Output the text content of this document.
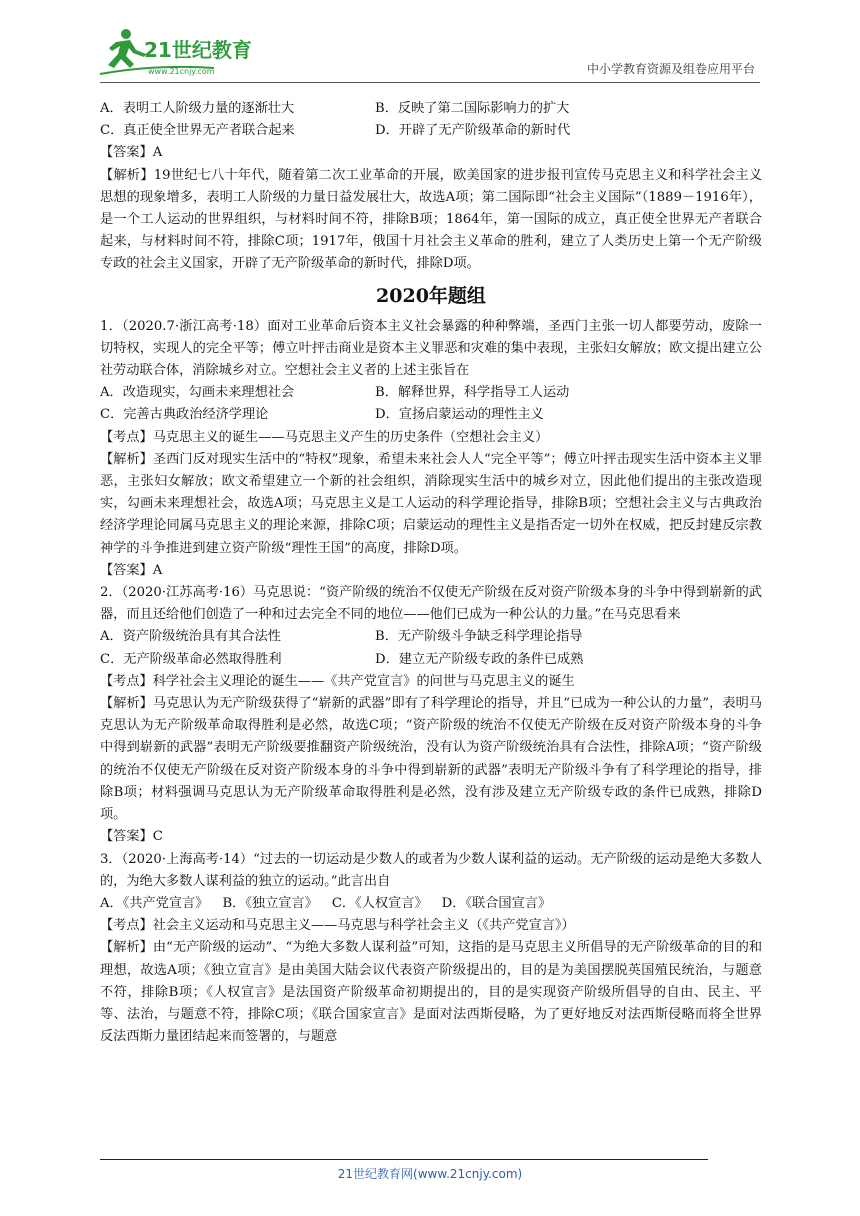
21世纪教育
www.21cnjy.com	中小学教育资源及组卷应用平台
A．表明工人阶级力量的逐渐壮大	B．反映了第二国际影响力的扩大
C．真正使全世界无产者联合起来	D．开辟了无产阶级革命的新时代

【答案】A

【解析】19世纪七八十年代，随着第二次工业革命的开展，欧美国家的进步报刊宣传马克思主义和科学社会主义思想的现象增多，表明工人阶级的力量日益发展壮大，故选A项；第二国际即“社会主义国际”（1889－1916年），是一个工人运动的世界组织，与材料时间不符，排除B项；1864年，第一国际的成立，真正使全世界无产者联合起来，与材料时间不符，排除C项；1917年，俄国十月社会主义革命的胜利，建立了人类历史上第一个无产阶级专政的社会主义国家，开辟了无产阶级革命的新时代，排除D项。

2020年题组

1．（2020.7·浙江高考·18）面对工业革命后资本主义社会暴露的种种弊端，圣西门主张一切人都要劳动，废除一切特权，实现人的完全平等；傅立叶抨击商业是资本主义罪恶和灾难的集中表现，主张妇女解放；欧文提出建立公社劳动联合体，消除城乡对立。空想社会主义者的上述主张旨在

A．改造现实，勾画未来理想社会	B．解释世界，科学指导工人运动
C．完善古典政治经济学理论	D．宣扬启蒙运动的理性主义

【考点】马克思主义的诞生——马克思主义产生的历史条件（空想社会主义）

【解析】圣西门反对现实生活中的“特权”现象，希望未来社会人人“完全平等”；傅立叶抨击现实生活中资本主义罪恶，主张妇女解放；欧文希望建立一个新的社会组织，消除现实生活中的城乡对立，因此他们提出的主张改造现实，勾画未来理想社会，故选A项；马克思主义是工人运动的科学理论指导，排除B项；空想社会主义与古典政治经济学理论同属马克思主义的理论来源，排除C项；启蒙运动的理性主义是指否定一切外在权威，把反封建反宗教神学的斗争推进到建立资产阶级“理性王国”的高度，排除D项。

【答案】A

2．（2020·江苏高考·16）马克思说：“资产阶级的统治不仅使无产阶级在反对资产阶级本身的斗争中得到崭新的武器，而且还给他们创造了一种和过去完全不同的地位——他们已成为一种公认的力量。”在马克思看来

A．资产阶级统治具有其合法性	B．无产阶级斗争缺乏科学理论指导
C．无产阶级革命必然取得胜利	D．建立无产阶级专政的条件已成熟

【考点】科学社会主义理论的诞生——《共产党宣言》的问世与马克思主义的诞生

【解析】马克思认为无产阶级获得了“崭新的武器”即有了科学理论的指导，并且“已成为一种公认的力量”，表明马克思认为无产阶级革命取得胜利是必然，故选C项；“资产阶级的统治不仅使无产阶级在反对资产阶级本身的斗争中得到崭新的武器”表明无产阶级要推翻资产阶级统治，没有认为资产阶级统治具有合法性，排除A项；“资产阶级的统治不仅使无产阶级在反对资产阶级本身的斗争中得到崭新的武器”表明无产阶级斗争有了科学理论的指导，排除B项；材料强调马克思认为无产阶级革命取得胜利是必然，没有涉及建立无产阶级专政的条件已成熟，排除D项。

【答案】C

3．（2020·上海高考·14）“过去的一切运动是少数人的或者为少数人谋利益的运动。无产阶级的运动是绝大多数人的，为绝大多数人谋利益的独立的运动。”此言出自

A．《共产党宣言》 B．《独立宣言》 C．《人权宣言》 D．《联合国宣言》

【考点】社会主义运动和马克思主义——马克思与科学社会主义（《共产党宣言》）

【解析】由“无产阶级的运动”、“为绝大多数人谋利益”可知，这指的是马克思主义所倡导的无产阶级革命的目的和理想，故选A项；《独立宣言》是由美国大陆会议代表资产阶级提出的，目的是为美国摆脱英国殖民统治，与题意不符，排除B项；《人权宣言》是法国资产阶级革命初期提出的，目的是实现资产阶级所倡导的自由、民主、平等、法治，与题意不符，排除C项；《联合国家宣言》是面对法西斯侵略，为了更好地反对法西斯侵略而将全世界反法西斯力量团结起来而签署的，与题意

21世纪教育网(www.21cnjy.com)
